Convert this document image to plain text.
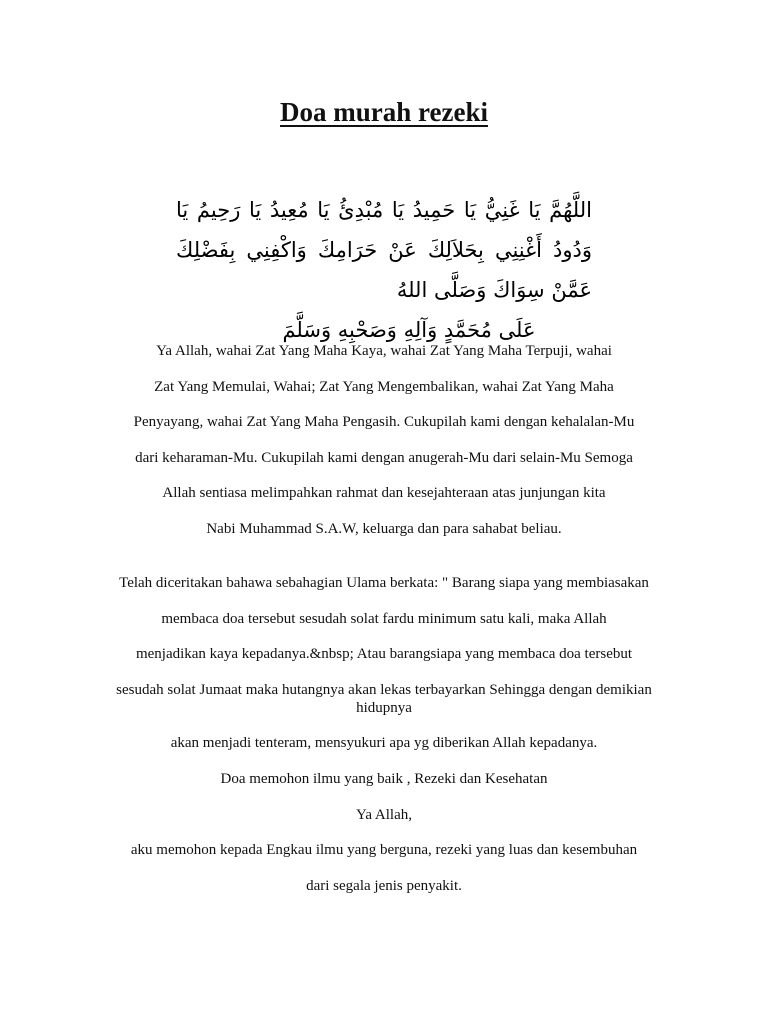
Doa murah rezeki
اللَّهُمَّ يَا غَنِيُّ يَا حَمِيدُ يَا مُبْدِئُ يَا مُعِيدُ يَا رَحِيمُ يَا وَدُودُ أَغْنِنِي بِحَلاَلِكَ عَنْ حَرَامِكَ وَاكْفِنِي بِفَضْلِكَ عَمَّنْ سِوَاكَ وَصَلَّى اللهُ
عَلَى مُحَمَّدٍ وَآلِهِ وَصَحْبِهِ وَسَلَّمَ
Ya Allah, wahai Zat Yang Maha Kaya, wahai Zat Yang Maha Terpuji, wahai
Zat Yang Memulai, Wahai; Zat Yang Mengembalikan, wahai Zat Yang Maha
Penyayang, wahai Zat Yang Maha Pengasih. Cukupilah kami dengan kehalalan-Mu
dari keharaman-Mu. Cukupilah kami dengan anugerah-Mu dari selain-Mu Semoga
Allah sentiasa melimpahkan rahmat dan kesejahteraan atas junjungan kita
Nabi Muhammad S.A.W, keluarga dan para sahabat beliau.
Telah diceritakan bahawa sebahagian Ulama berkata: " Barang siapa yang membiasakan
membaca doa tersebut sesudah solat fardu minimum satu kali, maka Allah
menjadikan kaya kepadanya.&nbsp; Atau barangsiapa yang membaca doa tersebut
sesudah solat Jumaat maka hutangnya akan lekas terbayarkan Sehingga dengan demikian hidupnya
akan menjadi tenteram, mensyukuri apa yg diberikan Allah kepadanya.
Doa memohon ilmu yang baik , Rezeki dan Kesehatan
Ya Allah,
aku memohon kepada Engkau ilmu yang berguna, rezeki yang luas dan kesembuhan
dari segala jenis penyakit.
